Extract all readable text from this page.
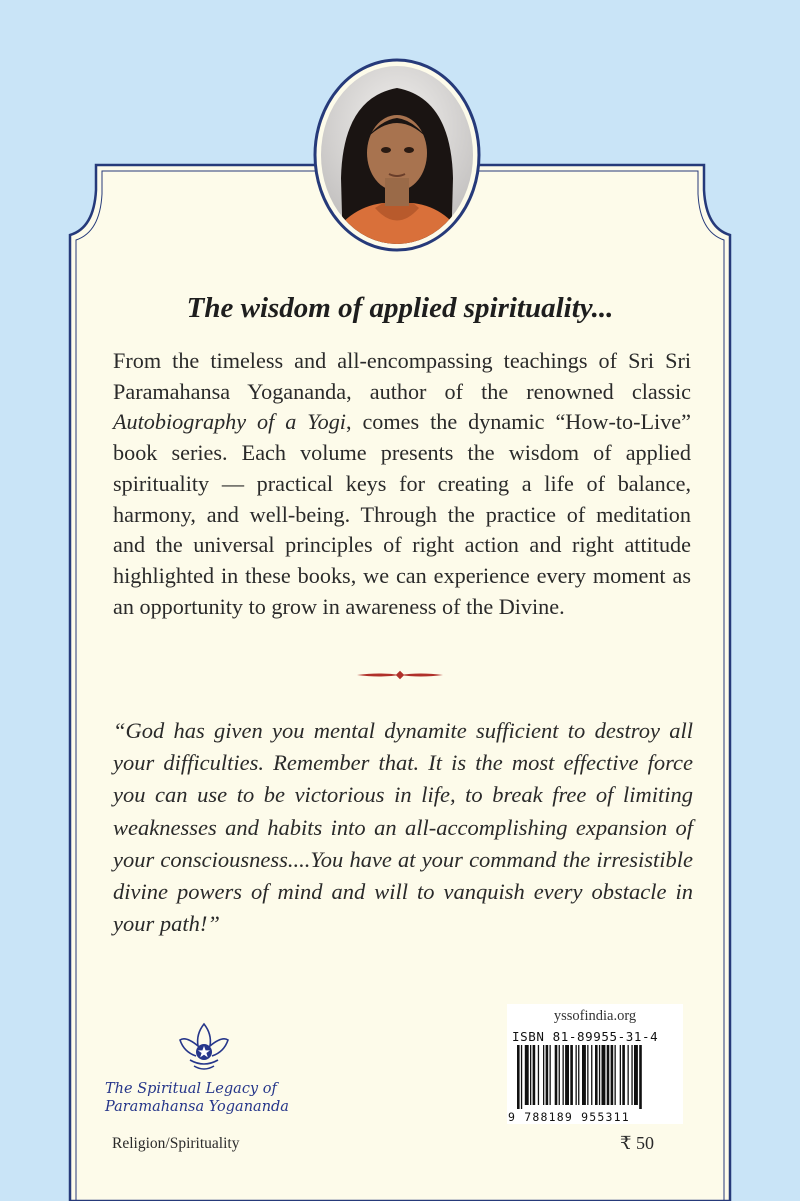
The wisdom of applied spirituality...
From the timeless and all-encompassing teachings of Sri Sri Paramahansa Yogananda, author of the renowned classic Autobiography of a Yogi, comes the dynamic “How-to-Live” book series. Each volume presents the wisdom of applied spirituality — practical keys for creating a life of balance, harmony, and well-being. Through the practice of meditation and the universal principles of right action and right attitude highlighted in these books, we can experience every moment as an opportunity to grow in awareness of the Divine.
“God has given you mental dynamite sufficient to destroy all your difficulties. Remember that. It is the most effective force you can use to be victorious in life, to break free of limiting weaknesses and habits into an all-accomplishing expansion of your consciousness....You have at your command the irresistible divine powers of mind and will to vanquish every obstacle in your path!”
The Spiritual Legacy of
Paramahansa Yogananda
Religion/Spirituality
yssofindia.org
ISBN 81-89955-31-4
9 788189 955311
₹ 50
